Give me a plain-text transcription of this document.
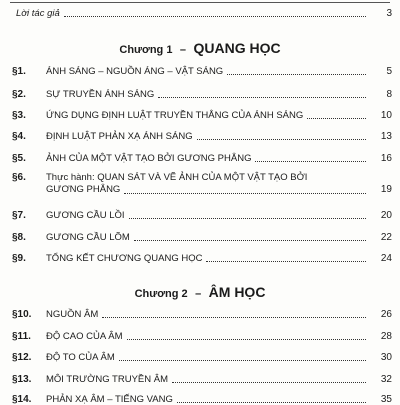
Lời tác giả	3
Chương 1 – QUANG HỌC
§1.	ÁNH SÁNG – NGUỒN ÁNG – VẬT SÁNG	5
§2.	SỰ TRUYỀN ÁNH SÁNG	8
§3.	ỨNG DỤNG ĐỊNH LUẬT TRUYỀN THẲNG CỦA ÁNH SÁNG	10
§4.	ĐỊNH LUẬT PHẢN XẠ ÁNH SÁNG	13
§5.	ẢNH CỦA MỘT VẬT TẠO BỞI GƯƠNG PHẲNG	16
§6.	Thực hành: QUAN SÁT VÀ VẼ ẢNH CỦA MỘT VẬT TẠO BỞI
GƯƠNG PHẲNG	19
§7.	GƯƠNG CẦU LỒI	20
§8.	GƯƠNG CẦU LÕM	22
§9.	TỔNG KẾT CHƯƠNG QUANG HỌC	24
Chương 2 – ÂM HỌC
§10.	NGUỒN ÂM	26
§11.	ĐỘ CAO CỦA ÂM	28
§12.	ĐỘ TO CỦA ÂM	30
§13.	MÔI TRƯỜNG TRUYỀN ÂM	32
§14.	PHẢN XẠ ÂM – TIẾNG VANG	35
